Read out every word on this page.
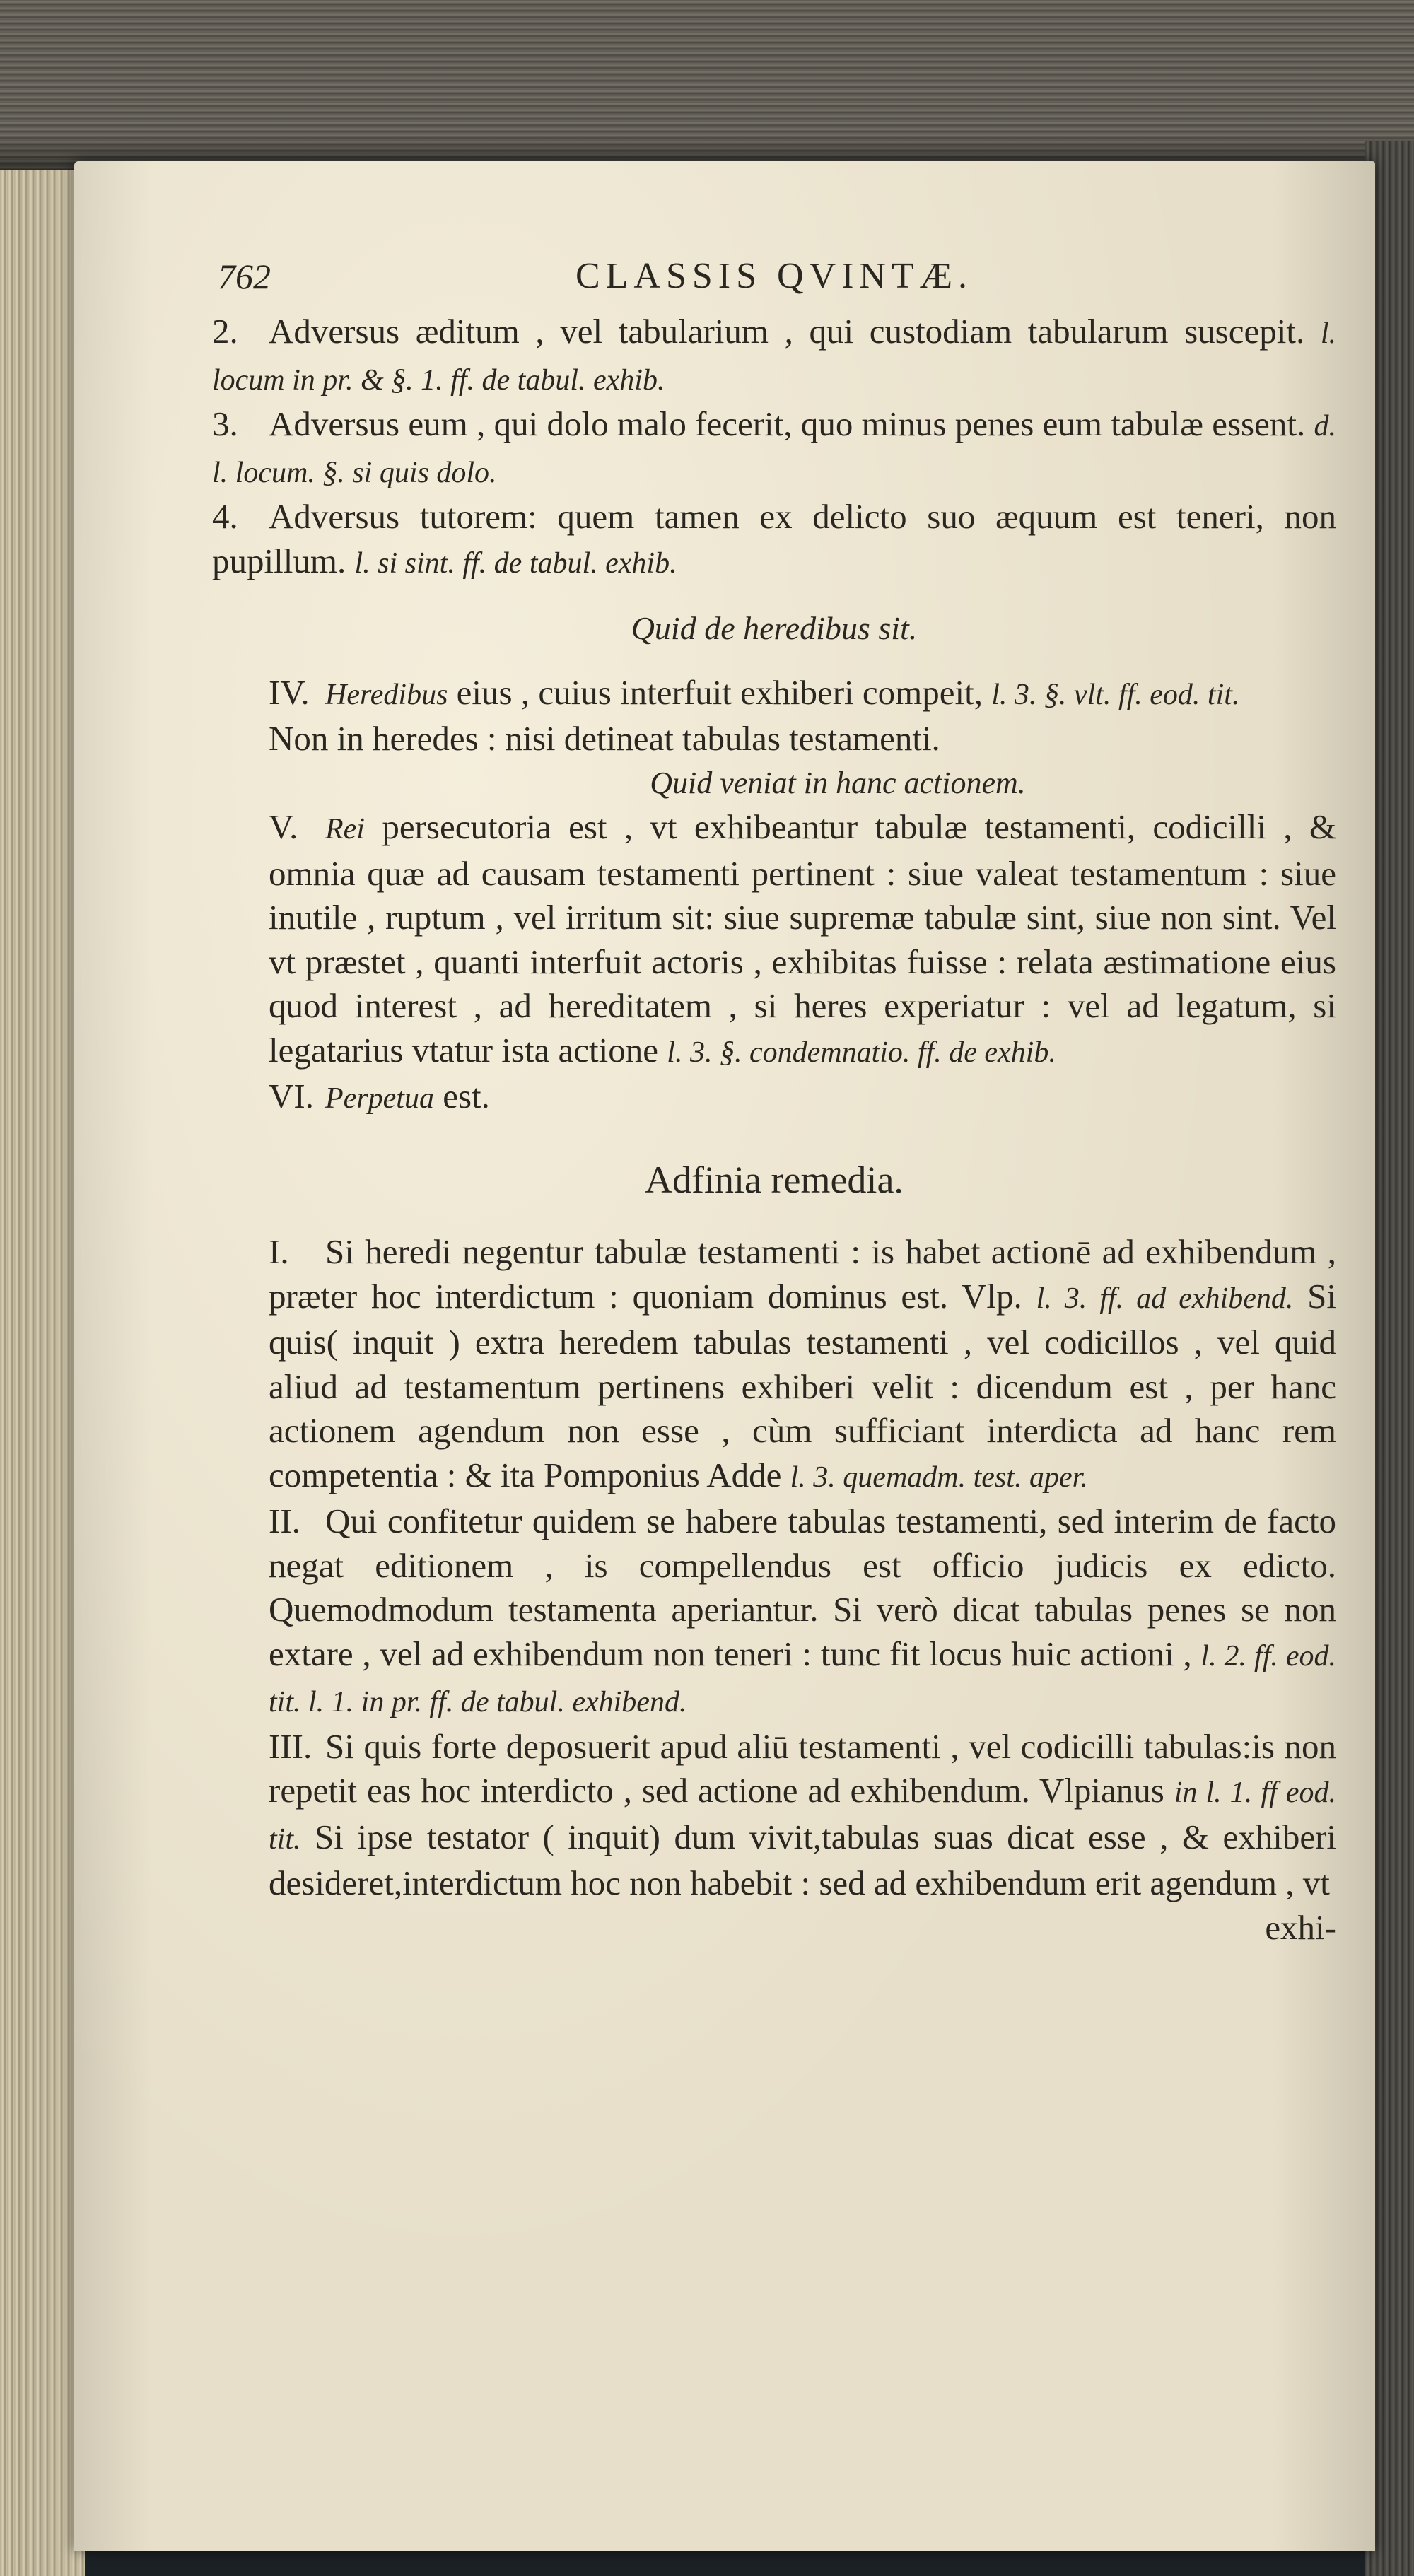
762	CLASSIS QVINTÆ.

2. Adversus æditum , vel tabularium , qui custodiam tabularum suscepit. l. locum in pr. & §. 1. ff. de tabul. exhib.

3. Adversus eum , qui dolo malo fecerit, quo minus penes eum tabulæ essent. d. l. locum. §. si quis dolo.

4. Adversus tutorem: quem tamen ex delicto suo æquum est teneri, non pupillum. l. si sint. ff. de tabul. exhib.

Quid de heredibus sit.

IV. Heredibus eius , cuius interfuit exhiberi compeit, l. 3. §. vlt. ff. eod. tit.

Non in heredes : nisi detineat tabulas testamenti.

Quid veniat in hanc actionem.

V. Rei persecutoria est , vt exhibeantur tabulæ testamenti, codicilli , & omnia quæ ad causam testamenti pertinent : siue valeat testamentum : siue inutile , ruptum , vel irritum sit: siue supremæ tabulæ sint, siue non sint. Vel vt præstet , quanti interfuit actoris , exhibitas fuisse : relata æstimatione eius quod interest , ad hereditatem , si heres experiatur : vel ad legatum, si legatarius vtatur ista actione l. 3. §. condemnatio. ff. de exhib.

VI. Perpetua est.

Adfinia remedia.

I. Si heredi negentur tabulæ testamenti : is habet actionē ad exhibendum , præter hoc interdictum : quoniam dominus est. Vlp. l. 3. ff. ad exhibend. Si quis( inquit ) extra heredem tabulas testamenti , vel codicillos , vel quid aliud ad testamentum pertinens exhiberi velit : dicendum est , per hanc actionem agendum non esse , cùm sufficiant interdicta ad hanc rem competentia : & ita Pomponius Adde l. 3. quemadm. test. aper.

II. Qui confitetur quidem se habere tabulas testamenti, sed interim de facto negat editionem , is compellendus est officio judicis ex edicto. Quemodmodum testamenta aperiantur. Si verò dicat tabulas penes se non extare , vel ad exhibendum non teneri : tunc fit locus huic actioni , l. 2. ff. eod. tit. l. 1. in pr. ff. de tabul. exhibend.

III. Si quis forte deposuerit apud aliū testamenti , vel codicilli tabulas:is non repetit eas hoc interdicto , sed actione ad exhibendum. Vlpianus in l. 1. ff eod. tit. Si ipse testator ( inquit) dum vivit,tabulas suas dicat esse , & exhiberi desideret,interdictum hoc non habebit : sed ad exhibendum erit agendum , vt

exhi-
